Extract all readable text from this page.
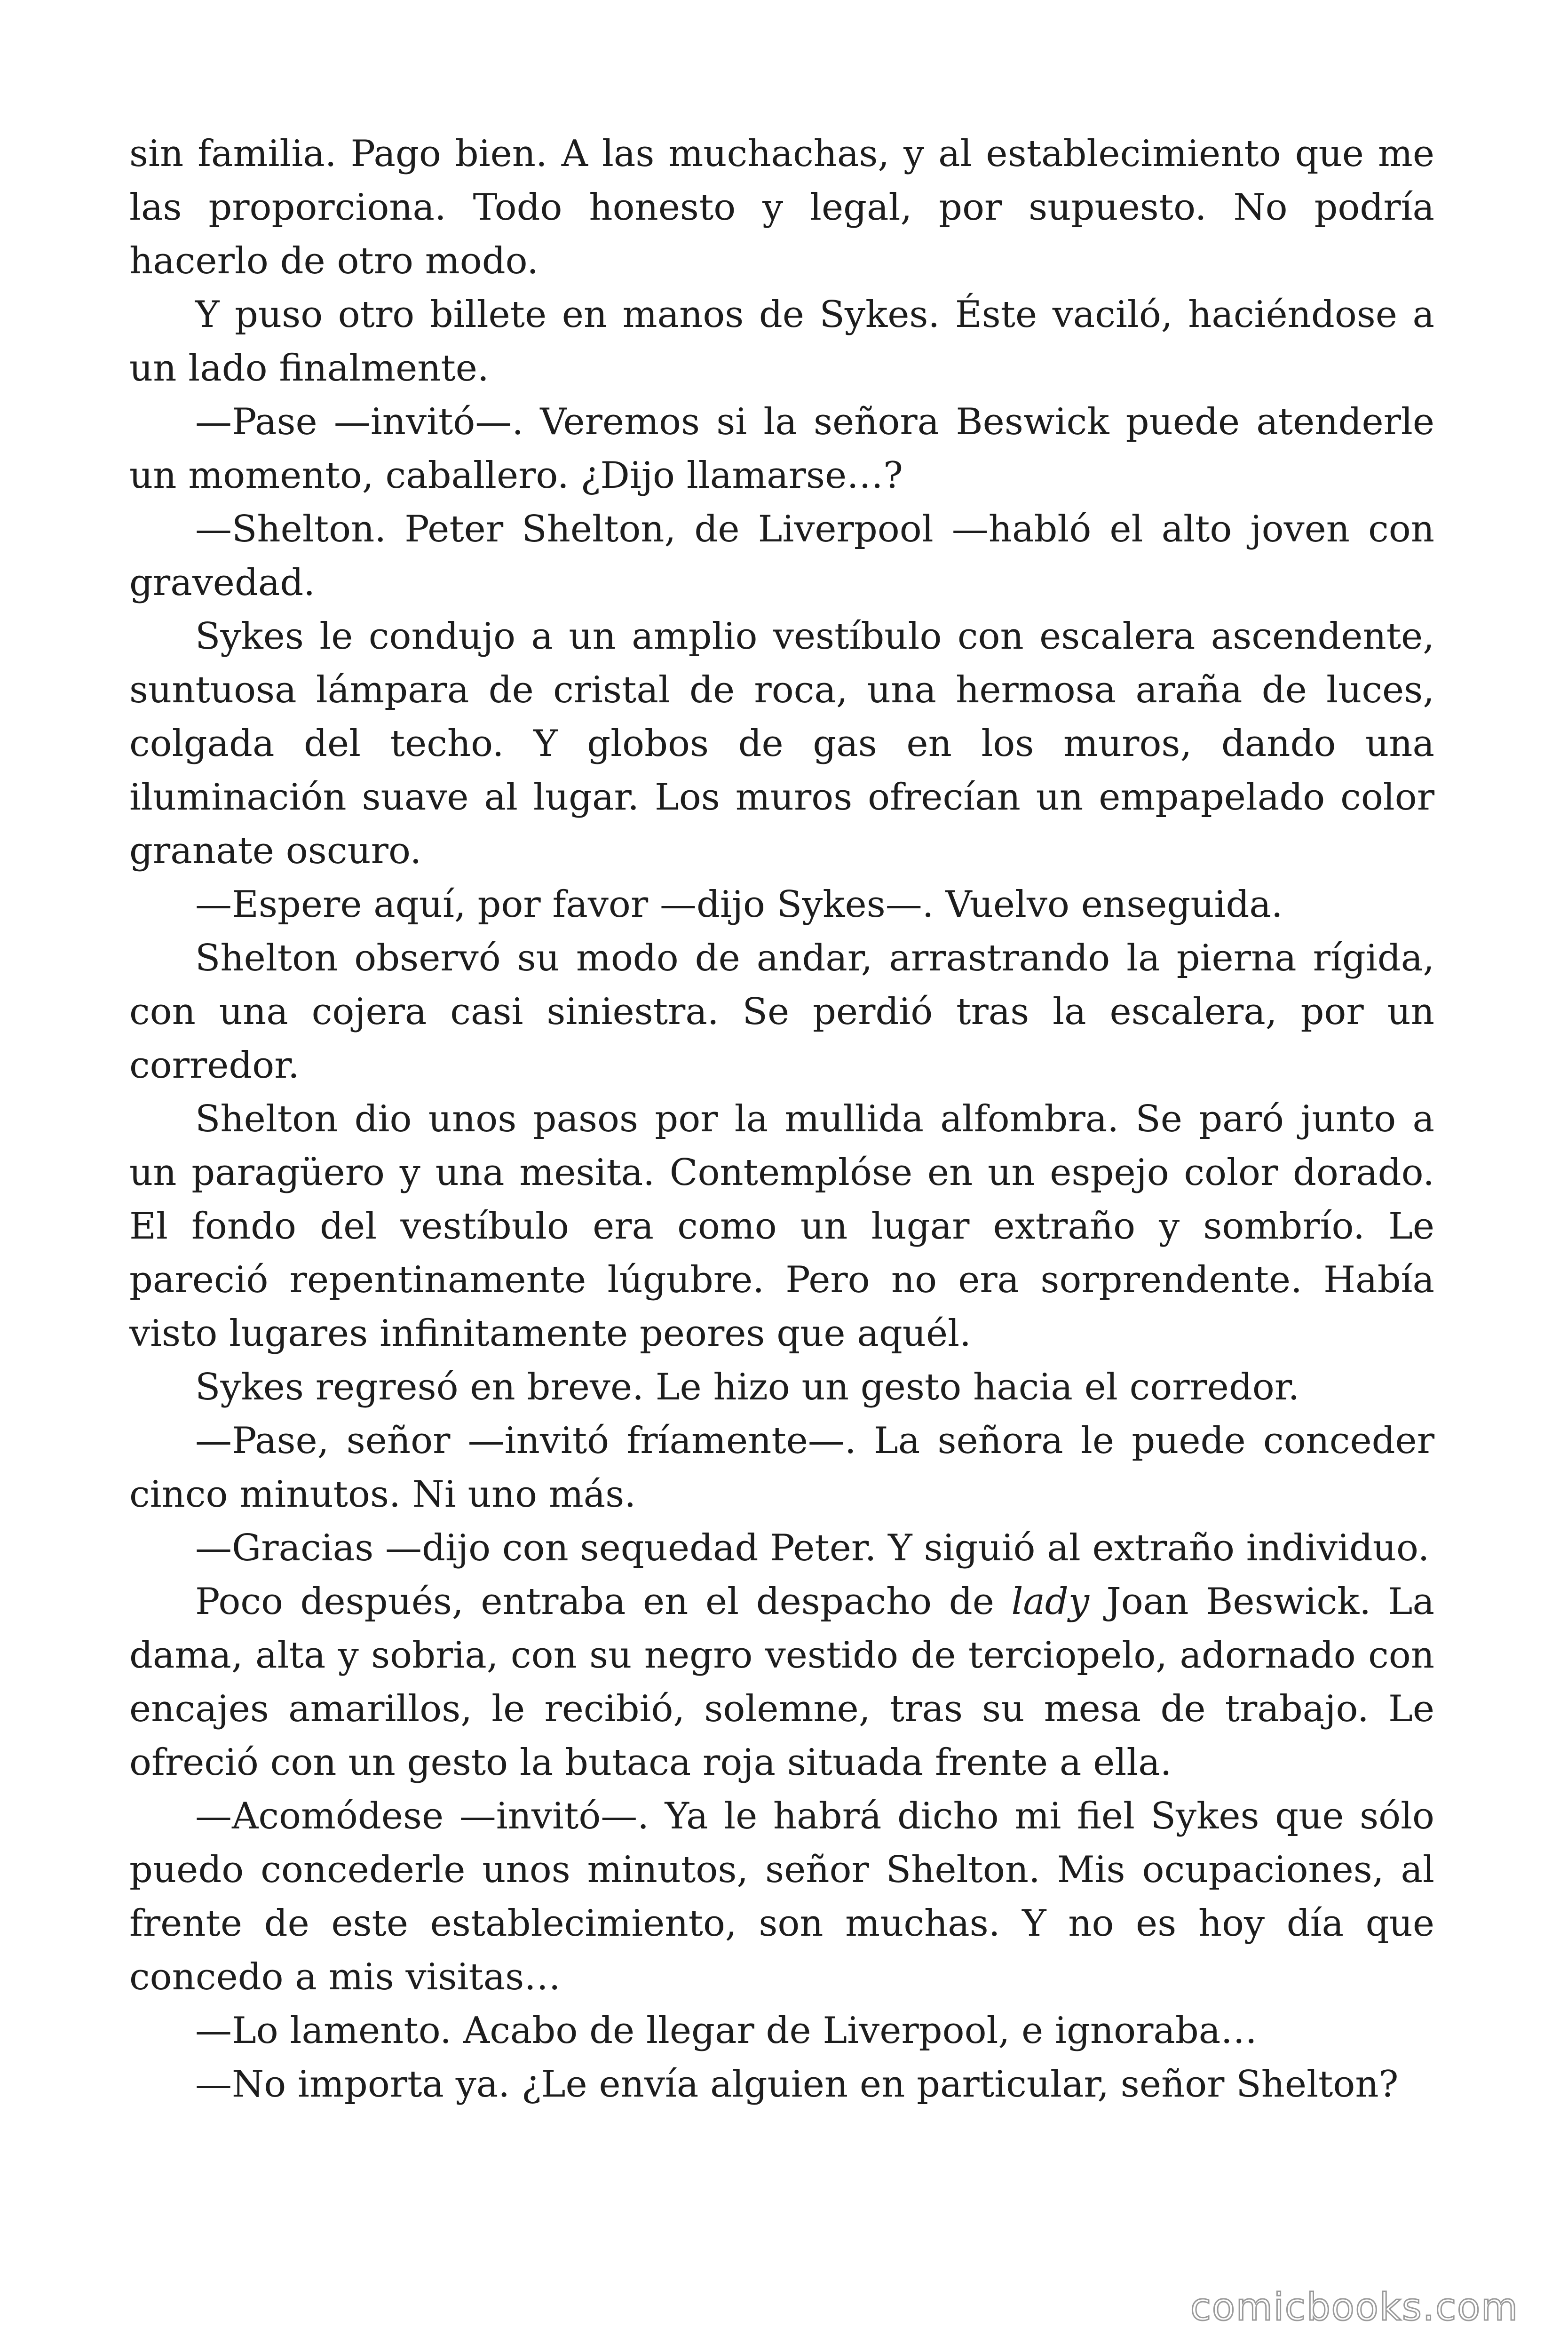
sin familia. Pago bien. A las muchachas, y al establecimiento que me las proporciona. Todo honesto y legal, por supuesto. No podría hacerlo de otro modo.

Y puso otro billete en manos de Sykes. Éste vaciló, haciéndose a un lado finalmente.

—Pase —invitó—. Veremos si la señora Beswick puede atenderle un momento, caballero. ¿Dijo llamarse…?

—Shelton. Peter Shelton, de Liverpool —habló el alto joven con gravedad.

Sykes le condujo a un amplio vestíbulo con escalera ascendente, suntuosa lámpara de cristal de roca, una hermosa araña de luces, colgada del techo. Y globos de gas en los muros, dando una iluminación suave al lugar. Los muros ofrecían un empapelado color granate oscuro.

—Espere aquí, por favor —dijo Sykes—. Vuelvo enseguida.

Shelton observó su modo de andar, arrastrando la pierna rígida, con una cojera casi siniestra. Se perdió tras la escalera, por un corredor.

Shelton dio unos pasos por la mullida alfombra. Se paró junto a un paragüero y una mesita. Contemplóse en un espejo color dorado. El fondo del vestíbulo era como un lugar extraño y sombrío. Le pareció repentinamente lúgubre. Pero no era sorprendente. Había visto lugares infinitamente peores que aquél.

Sykes regresó en breve. Le hizo un gesto hacia el corredor.

—Pase, señor —invitó fríamente—. La señora le puede conceder cinco minutos. Ni uno más.

—Gracias —dijo con sequedad Peter. Y siguió al extraño individuo.

Poco después, entraba en el despacho de lady Joan Beswick. La dama, alta y sobria, con su negro vestido de terciopelo, adornado con encajes amarillos, le recibió, solemne, tras su mesa de trabajo. Le ofreció con un gesto la butaca roja situada frente a ella.

—Acomódese —invitó—. Ya le habrá dicho mi fiel Sykes que sólo puedo concederle unos minutos, señor Shelton. Mis ocupaciones, al frente de este establecimiento, son muchas. Y no es hoy día que concedo a mis visitas…

—Lo lamento. Acabo de llegar de Liverpool, e ignoraba…

—No importa ya. ¿Le envía alguien en particular, señor Shelton?

comicbooks.com
